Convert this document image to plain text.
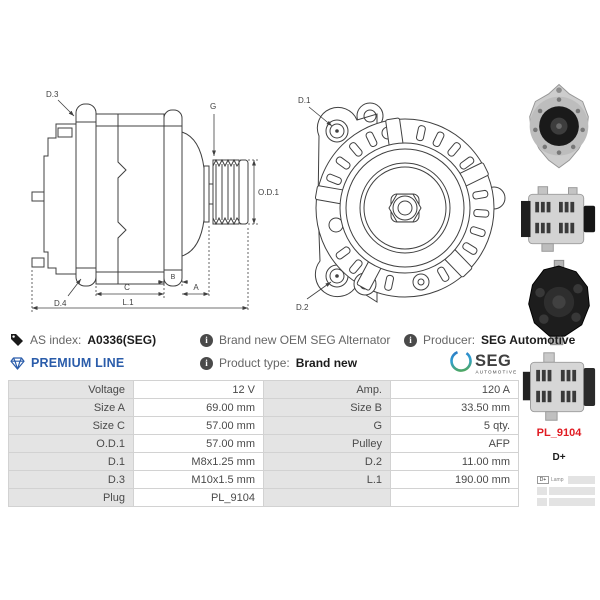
D.3
G
D.4
O.D.1
C
B
A
L.1
D.1
D.2
PL_9104
D+
D+ Lamp
AS index: A0336(SEG)	i Brand new OEM SEG Alternator	i Producer: SEG Automotive
PREMIUM LINE	i Product type: Brand new	SEG
AUTOMOTIVE
Voltage	12 V	Amp.	120 A
Size A	69.00 mm	Size B	33.50 mm
Size C	57.00 mm	G	5 qty.
O.D.1	57.00 mm	Pulley	AFP
D.1	M8x1.25 mm	D.2	11.00 mm
D.3	M10x1.5 mm	L.1	190.00 mm
Plug	PL_9104		
